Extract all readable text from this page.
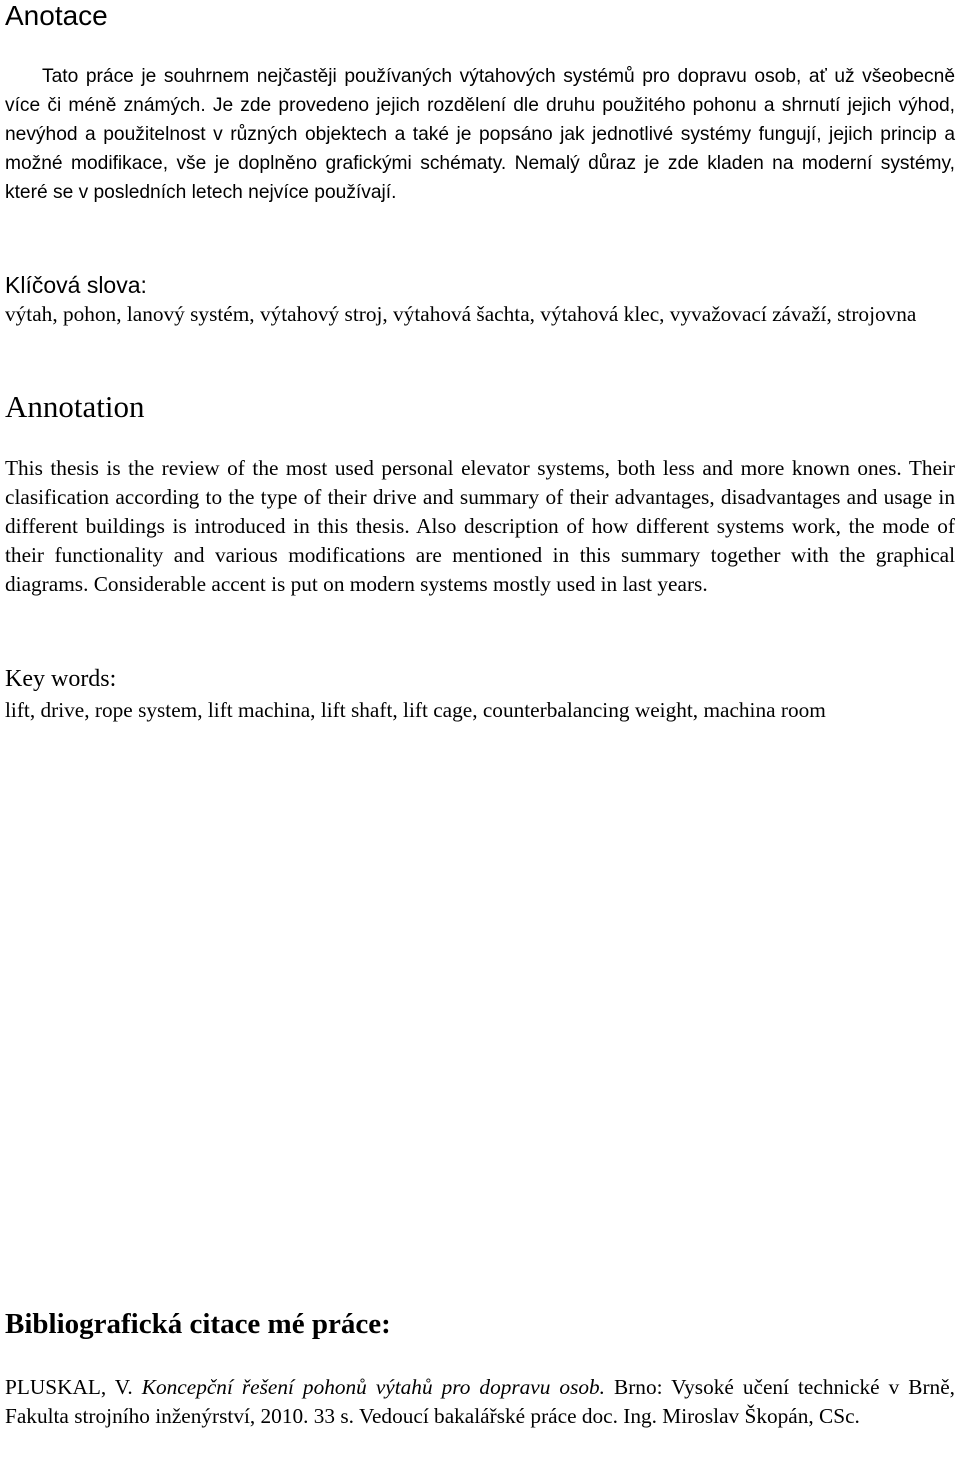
Anotace

Tato práce je souhrnem nejčastěji používaných výtahových systémů pro dopravu osob, ať už všeobecně více či méně známých. Je zde provedeno jejich rozdělení dle druhu použitého pohonu a shrnutí jejich výhod, nevýhod a použitelnost v různých objektech a také je popsáno jak jednotlivé systémy fungují, jejich princip a možné modifikace, vše je doplněno grafickými schématy. Nemalý důraz je zde kladen na moderní systémy, které se v posledních letech nejvíce používají.

Klíčová slova:

výtah, pohon, lanový systém, výtahový stroj, výtahová šachta, výtahová klec, vyvažovací závaží, strojovna

Annotation

This thesis is the review of the most used personal elevator systems, both less and more known ones. Their clasification according to the type of their drive and summary of their advantages, disadvantages and usage in different buildings is introduced in this thesis. Also description of how different systems work, the mode of their functionality and various modifications are mentioned in this summary together with the graphical diagrams. Considerable accent is put on modern systems mostly used in last years.

Key words:

lift, drive, rope system, lift machina, lift shaft, lift cage, counterbalancing weight, machina room

Bibliografická citace mé práce:

PLUSKAL, V. Koncepční řešení pohonů výtahů pro dopravu osob. Brno: Vysoké učení technické v Brně, Fakulta strojního inženýrství, 2010. 33 s. Vedoucí bakalářské práce doc. Ing. Miroslav Škopán, CSc.
